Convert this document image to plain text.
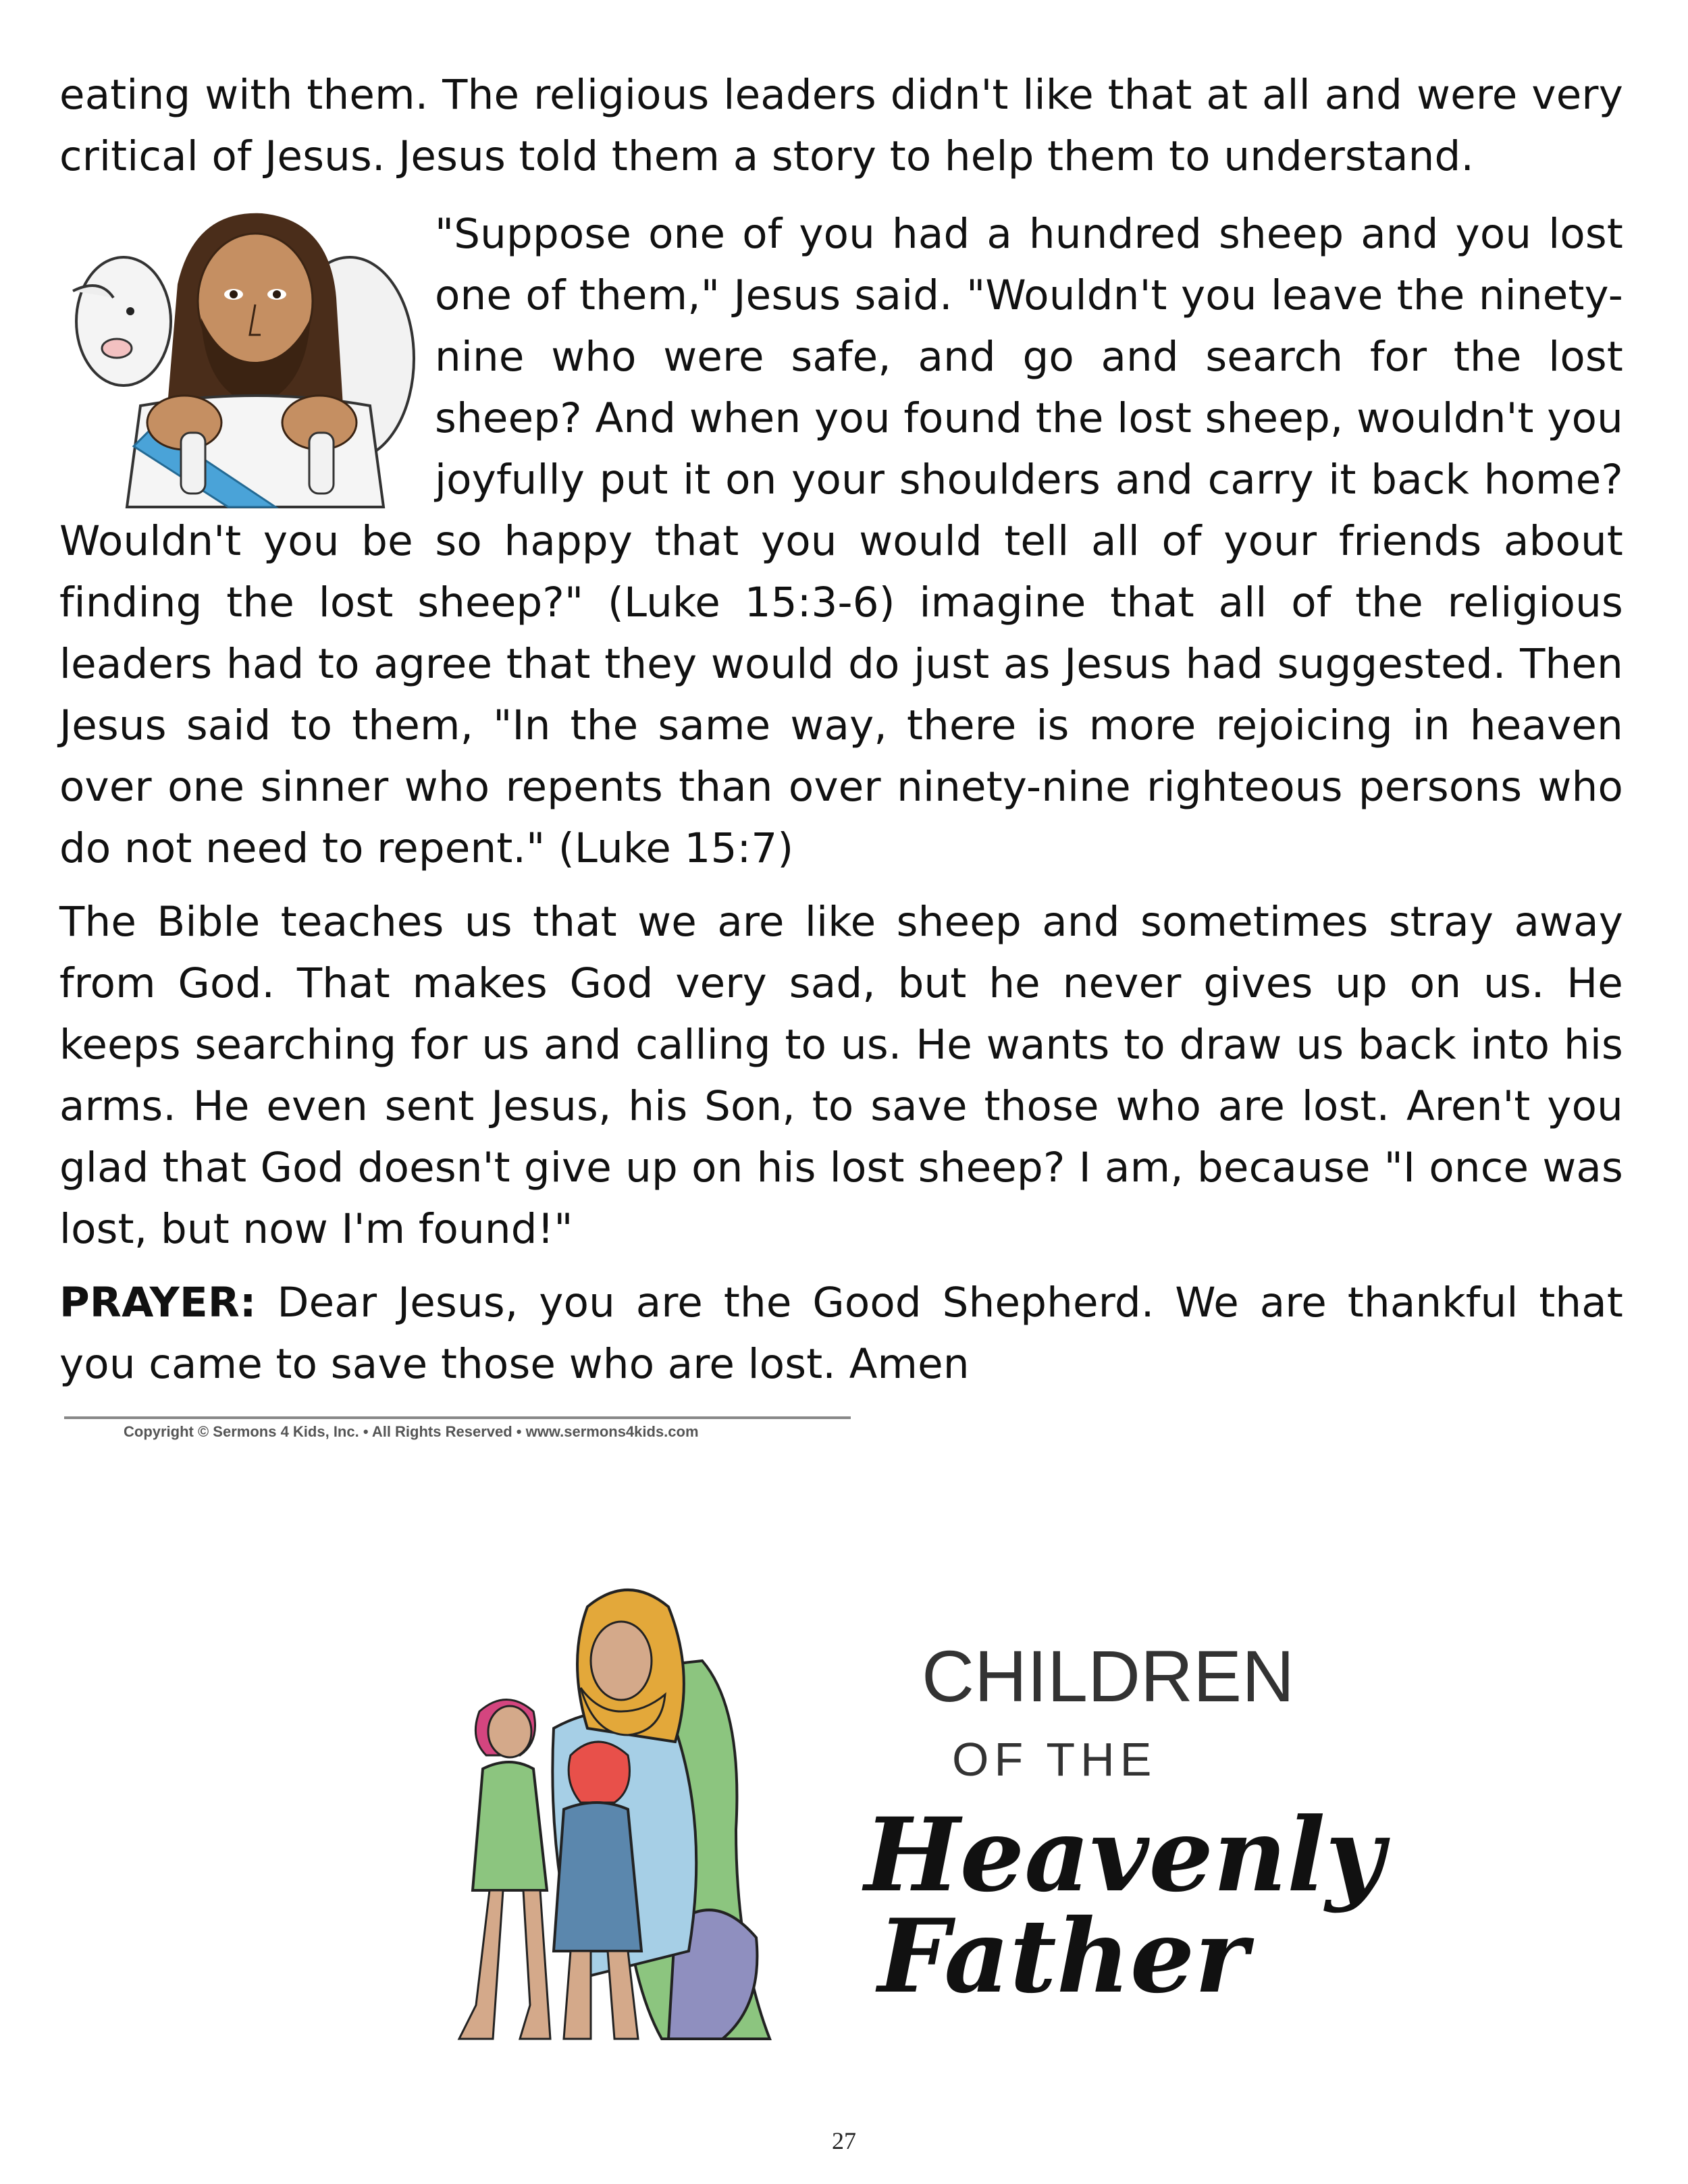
eating with them. The religious leaders didn't like that at all and were very critical of Jesus. Jesus told them a story to help them to understand.

"Suppose one of you had a hundred sheep and you lost one of them," Jesus said. "Wouldn't you leave the ninety-nine who were safe, and go and search for the lost sheep? And when you found the lost sheep, wouldn't you joyfully put it on your shoulders and carry it back home? Wouldn't you be so happy that you would tell all of your friends about finding the lost sheep?" (Luke 15:3-6) imagine that all of the religious leaders had to agree that they would do just as Jesus had suggested. Then Jesus said to them, "In the same way, there is more rejoicing in heaven over one sinner who repents than over ninety-nine righteous persons who do not need to repent." (Luke 15:7)

The Bible teaches us that we are like sheep and sometimes stray away from God. That makes God very sad, but he never gives up on us. He keeps searching for us and calling to us. He wants to draw us back into his arms. He even sent Jesus, his Son, to save those who are lost. Aren't you glad that God doesn't give up on his lost sheep? I am, because "I once was lost, but now I'm found!"

PRAYER: Dear Jesus, you are the Good Shepherd. We are thankful that you came to save those who are lost. Amen

Copyright © Sermons 4 Kids, Inc. • All Rights Reserved • www.sermons4kids.com
CHILDREN
OF THE
Heavenly
Father
27
